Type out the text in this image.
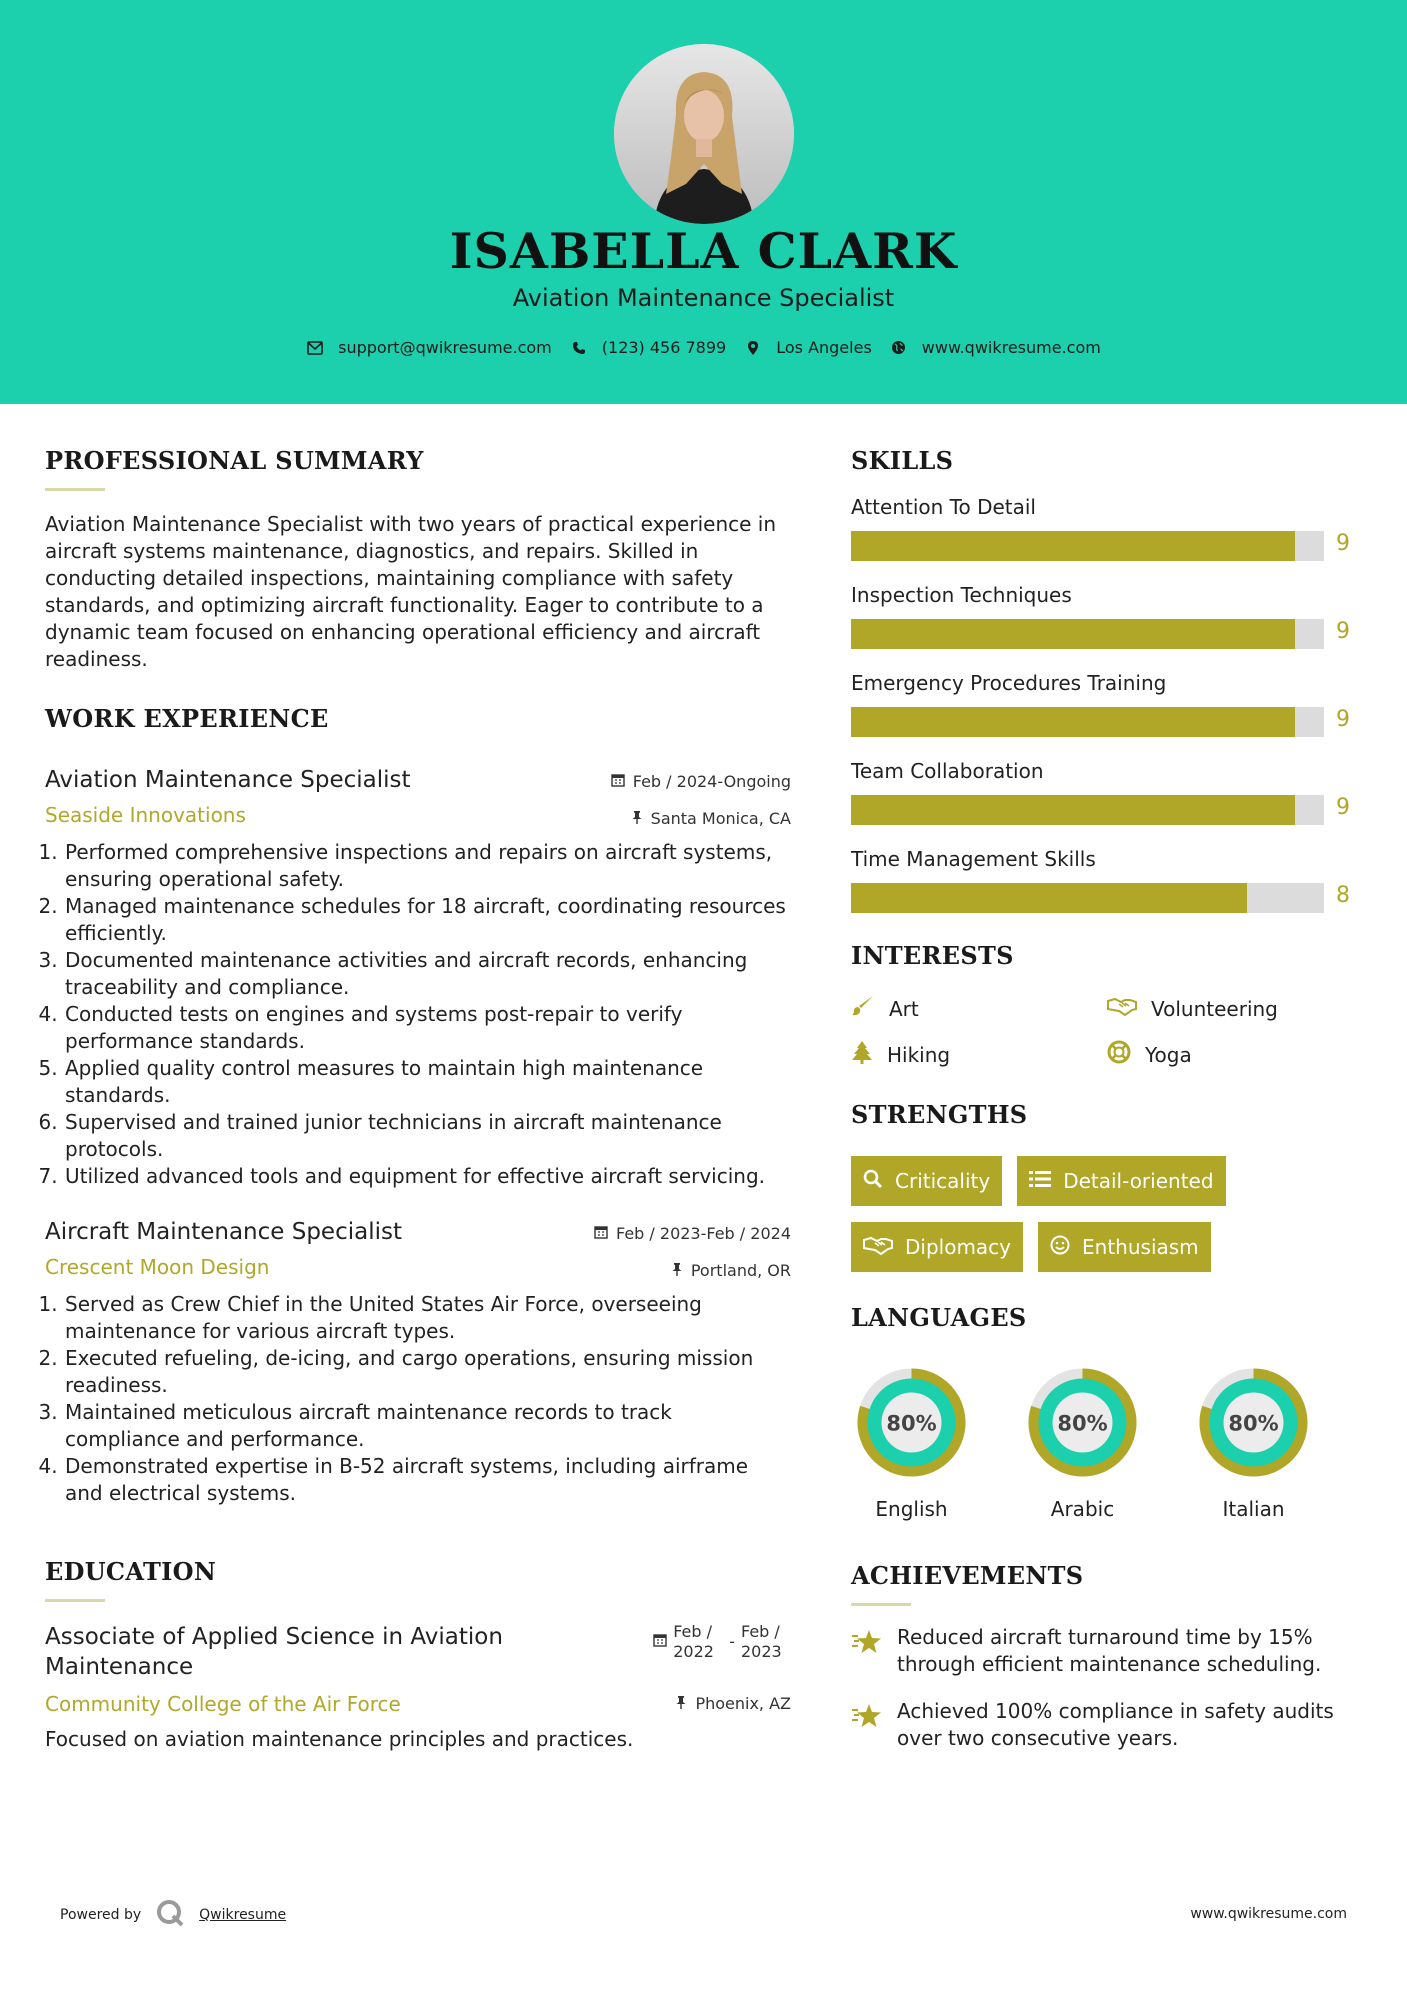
ISABELLA CLARK
Aviation Maintenance Specialist
support@qwikresume.com	(123) 456 7899	Los Angeles	www.qwikresume.com
PROFESSIONAL SUMMARY
Aviation Maintenance Specialist with two years of practical experience in aircraft systems maintenance, diagnostics, and repairs. Skilled in conducting detailed inspections, maintaining compliance with safety standards, and optimizing aircraft functionality. Eager to contribute to a dynamic team focused on enhancing operational efficiency and aircraft readiness.
WORK EXPERIENCE
Aviation Maintenance Specialist	Feb / 2024-Ongoing
Seaside Innovations	Santa Monica, CA
1. Performed comprehensive inspections and repairs on aircraft systems, ensuring operational safety.
2. Managed maintenance schedules for 18 aircraft, coordinating resources efficiently.
3. Documented maintenance activities and aircraft records, enhancing traceability and compliance.
4. Conducted tests on engines and systems post-repair to verify performance standards.
5. Applied quality control measures to maintain high maintenance standards.
6. Supervised and trained junior technicians in aircraft maintenance protocols.
7. Utilized advanced tools and equipment for effective aircraft servicing.
Aircraft Maintenance Specialist	Feb / 2023-Feb / 2024
Crescent Moon Design	Portland, OR
1. Served as Crew Chief in the United States Air Force, overseeing maintenance for various aircraft types.
2. Executed refueling, de-icing, and cargo operations, ensuring mission readiness.
3. Maintained meticulous aircraft maintenance records to track compliance and performance.
4. Demonstrated expertise in B-52 aircraft systems, including airframe and electrical systems.
EDUCATION
Associate of Applied Science in Aviation Maintenance
Feb / 2022
-
Feb / 2023
Community College of the Air Force	Phoenix, AZ
Focused on aviation maintenance principles and practices.
SKILLS
Attention To Detail
9
Inspection Techniques
9
Emergency Procedures Training
9
Team Collaboration
9
Time Management Skills
8
INTERESTS
Art	Volunteering
Hiking	Yoga
STRENGTHS
Criticality	Detail-oriented
Diplomacy	Enthusiasm
LANGUAGES
80%
English
80%
Arabic
80%
Italian
ACHIEVEMENTS
Reduced aircraft turnaround time by 15% through efficient maintenance scheduling.
Achieved 100% compliance in safety audits over two consecutive years.
Powered by	Qwikresume	www.qwikresume.com
